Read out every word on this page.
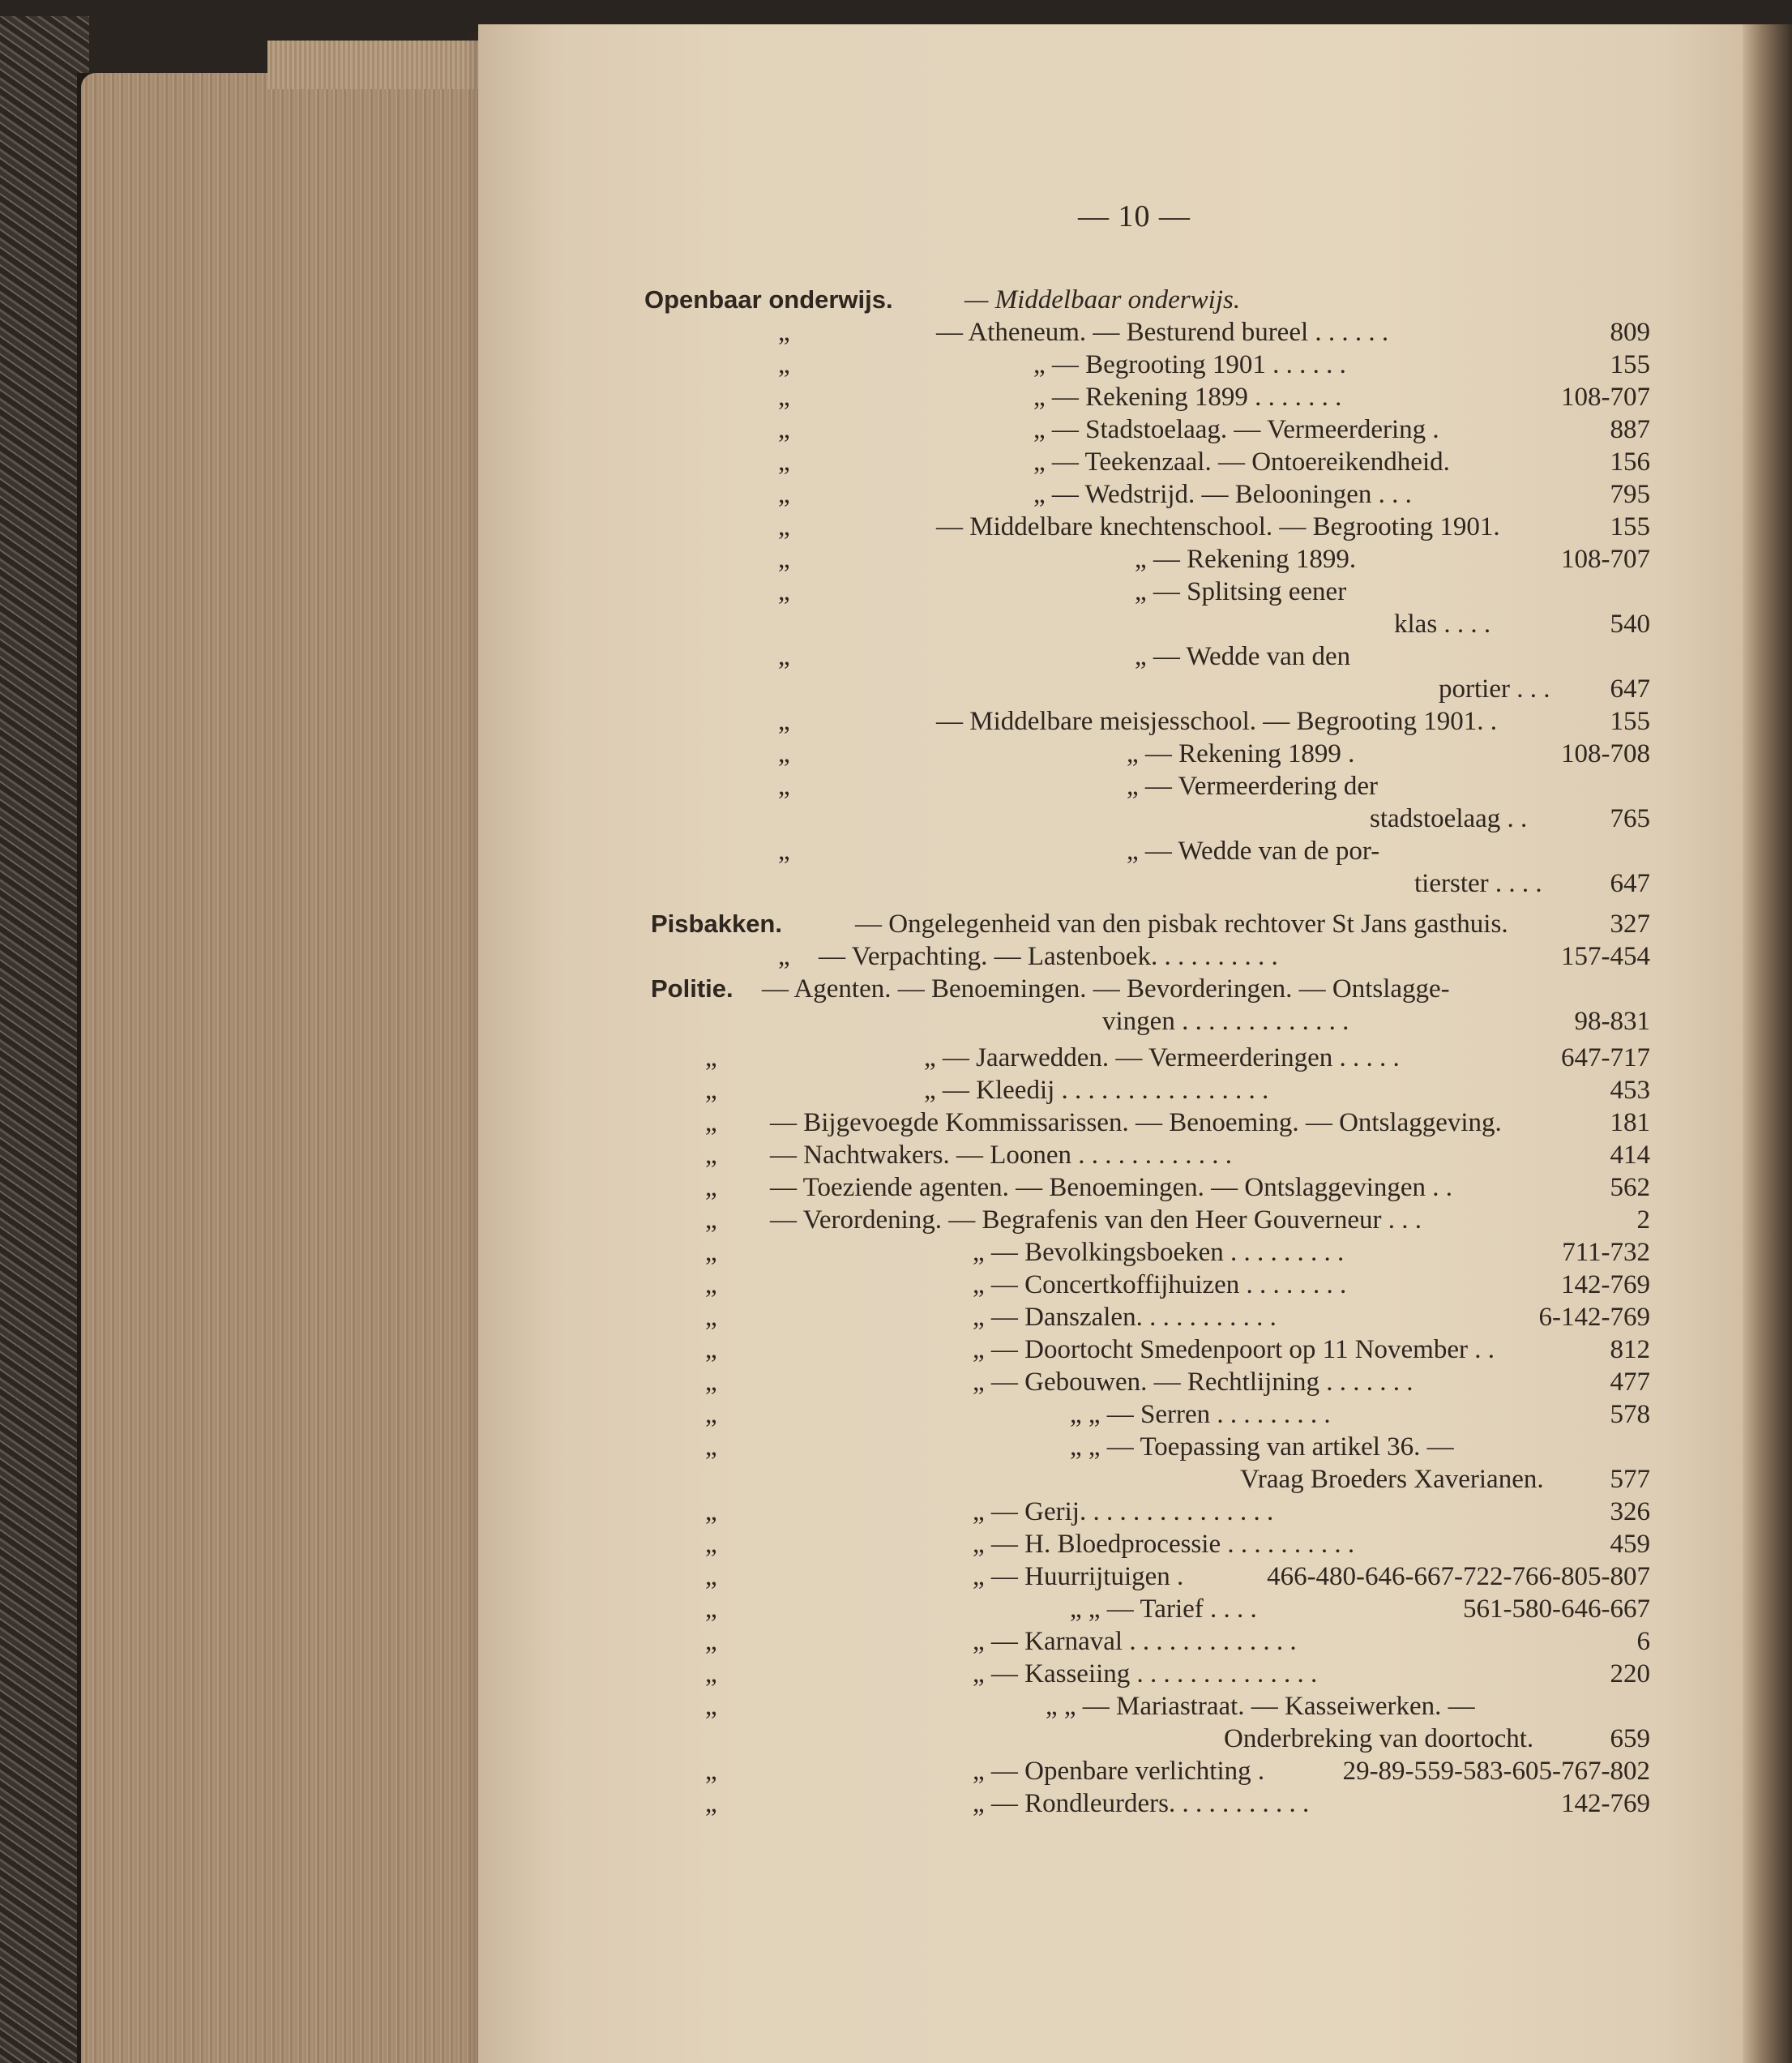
— 10 —
Openbaar onderwijs.	— Middelbaar onderwijs.
„	— Atheneum. — Besturend bureel . . . . . .	809
„	„ — Begrooting 1901 . . . . . .	155
„	„ — Rekening 1899 . . . . . . .	108-707
„	„ — Stadstoelaag. — Vermeerdering .	887
„	„ — Teekenzaal. — Ontoereikendheid.	156
„	„ — Wedstrijd. — Belooningen . . .	795
„	— Middelbare knechtenschool. — Begrooting 1901.	155
„	„ — Rekening 1899.	108-707
„	„ — Splitsing eener
klas . . . .	540
„	„ — Wedde van den
portier . . . 647
„	— Middelbare meisjesschool. — Begrooting 1901. .	155
„	„ — Rekening 1899 .	108-708
„	„ — Vermeerdering der
stadstoelaag . .	765
„	„ — Wedde van de por-
tierster . . . .	647
Pisbakken.	— Ongelegenheid van den pisbak rechtover St Jans gasthuis.	327
„ — Verpachting. — Lastenboek. . . . . . . . . .	157-454
Politie. — Agenten. — Benoemingen. — Bevorderingen. — Ontslagge-
vingen . . . . . . . . . . . . .	98-831
„	„ — Jaarwedden. — Vermeerderingen . . . . .	647-717
„	„ — Kleedij . . . . . . . . . . . . . . . .	453
„ — Bijgevoegde Kommissarissen. — Benoeming. — Ontslaggeving.	181
„ — Nachtwakers. — Loonen . . . . . . . . . . . .	414
„ — Toeziende agenten. — Benoemingen. — Ontslaggevingen . .	562
„ — Verordening. — Begrafenis van den Heer Gouverneur . . .	2
„	„ — Bevolkingsboeken . . . . . . . . .	711-732
„	„ — Concertkoffijhuizen . . . . . . . .	142-769
„	„ — Danszalen. . . . . . . . . . .	6-142-769
„	„ — Doortocht Smedenpoort op 11 November . .	812
„	„ — Gebouwen. — Rechtlijning . . . . . . .	477
„	„ „ — Serren . . . . . . . . .	578
„	„ „ — Toepassing van artikel 36. —
Vraag Broeders Xaverianen. 577
„	„ — Gerij. . . . . . . . . . . . . . .	326
„	„ — H. Bloedprocessie . . . . . . . . . .	459
„	„ — Huurrijtuigen .	466-480-646-667-722-766-805-807
„	„ „ — Tarief . . . .	561-580-646-667
„	„ — Karnaval . . . . . . . . . . . . .	6
„	„ — Kasseiing . . . . . . . . . . . . . .	220
„	„ „ — Mariastraat. — Kasseiwerken. —
Onderbreking van doortocht.	659
„	„ — Openbare verlichting .	29-89-559-583-605-767-802
„	„ — Rondleurders. . . . . . . . . . .	142-769
